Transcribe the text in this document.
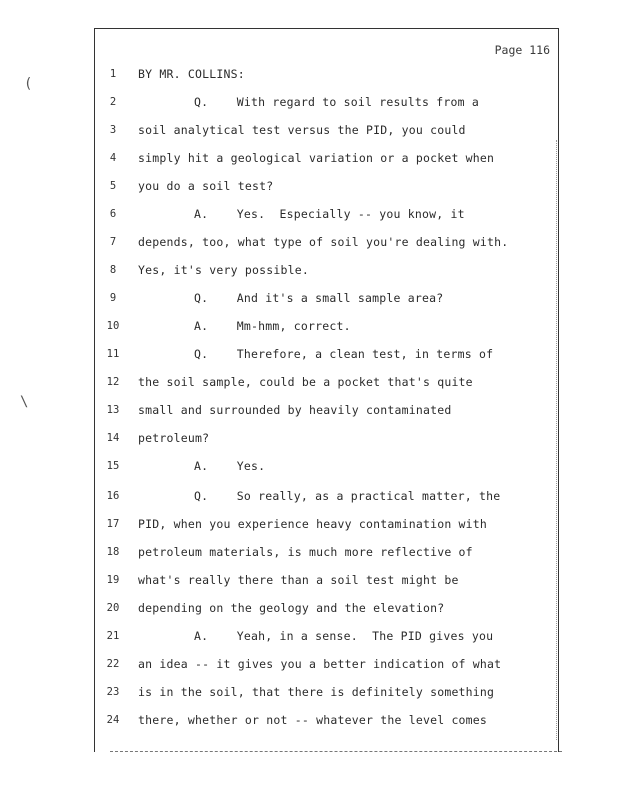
Page 116
(
\
1	BY MR. COLLINS:
2	Q.    With regard to soil results from a
3	soil analytical test versus the PID, you could
4	simply hit a geological variation or a pocket when
5	you do a soil test?
6	A.    Yes.  Especially -- you know, it
7	depends, too, what type of soil you're dealing with.
8	Yes, it's very possible.
9	Q.    And it's a small sample area?
10	A.    Mm-hmm, correct.
11	Q.    Therefore, a clean test, in terms of
12	the soil sample, could be a pocket that's quite
13	small and surrounded by heavily contaminated
14	petroleum?
15	A.    Yes.
16	Q.    So really, as a practical matter, the
17	PID, when you experience heavy contamination with
18	petroleum materials, is much more reflective of
19	what's really there than a soil test might be
20	depending on the geology and the elevation?
21	A.    Yeah, in a sense.  The PID gives you
22	an idea -- it gives you a better indication of what
23	is in the soil, that there is definitely something
24	there, whether or not -- whatever the level comes
